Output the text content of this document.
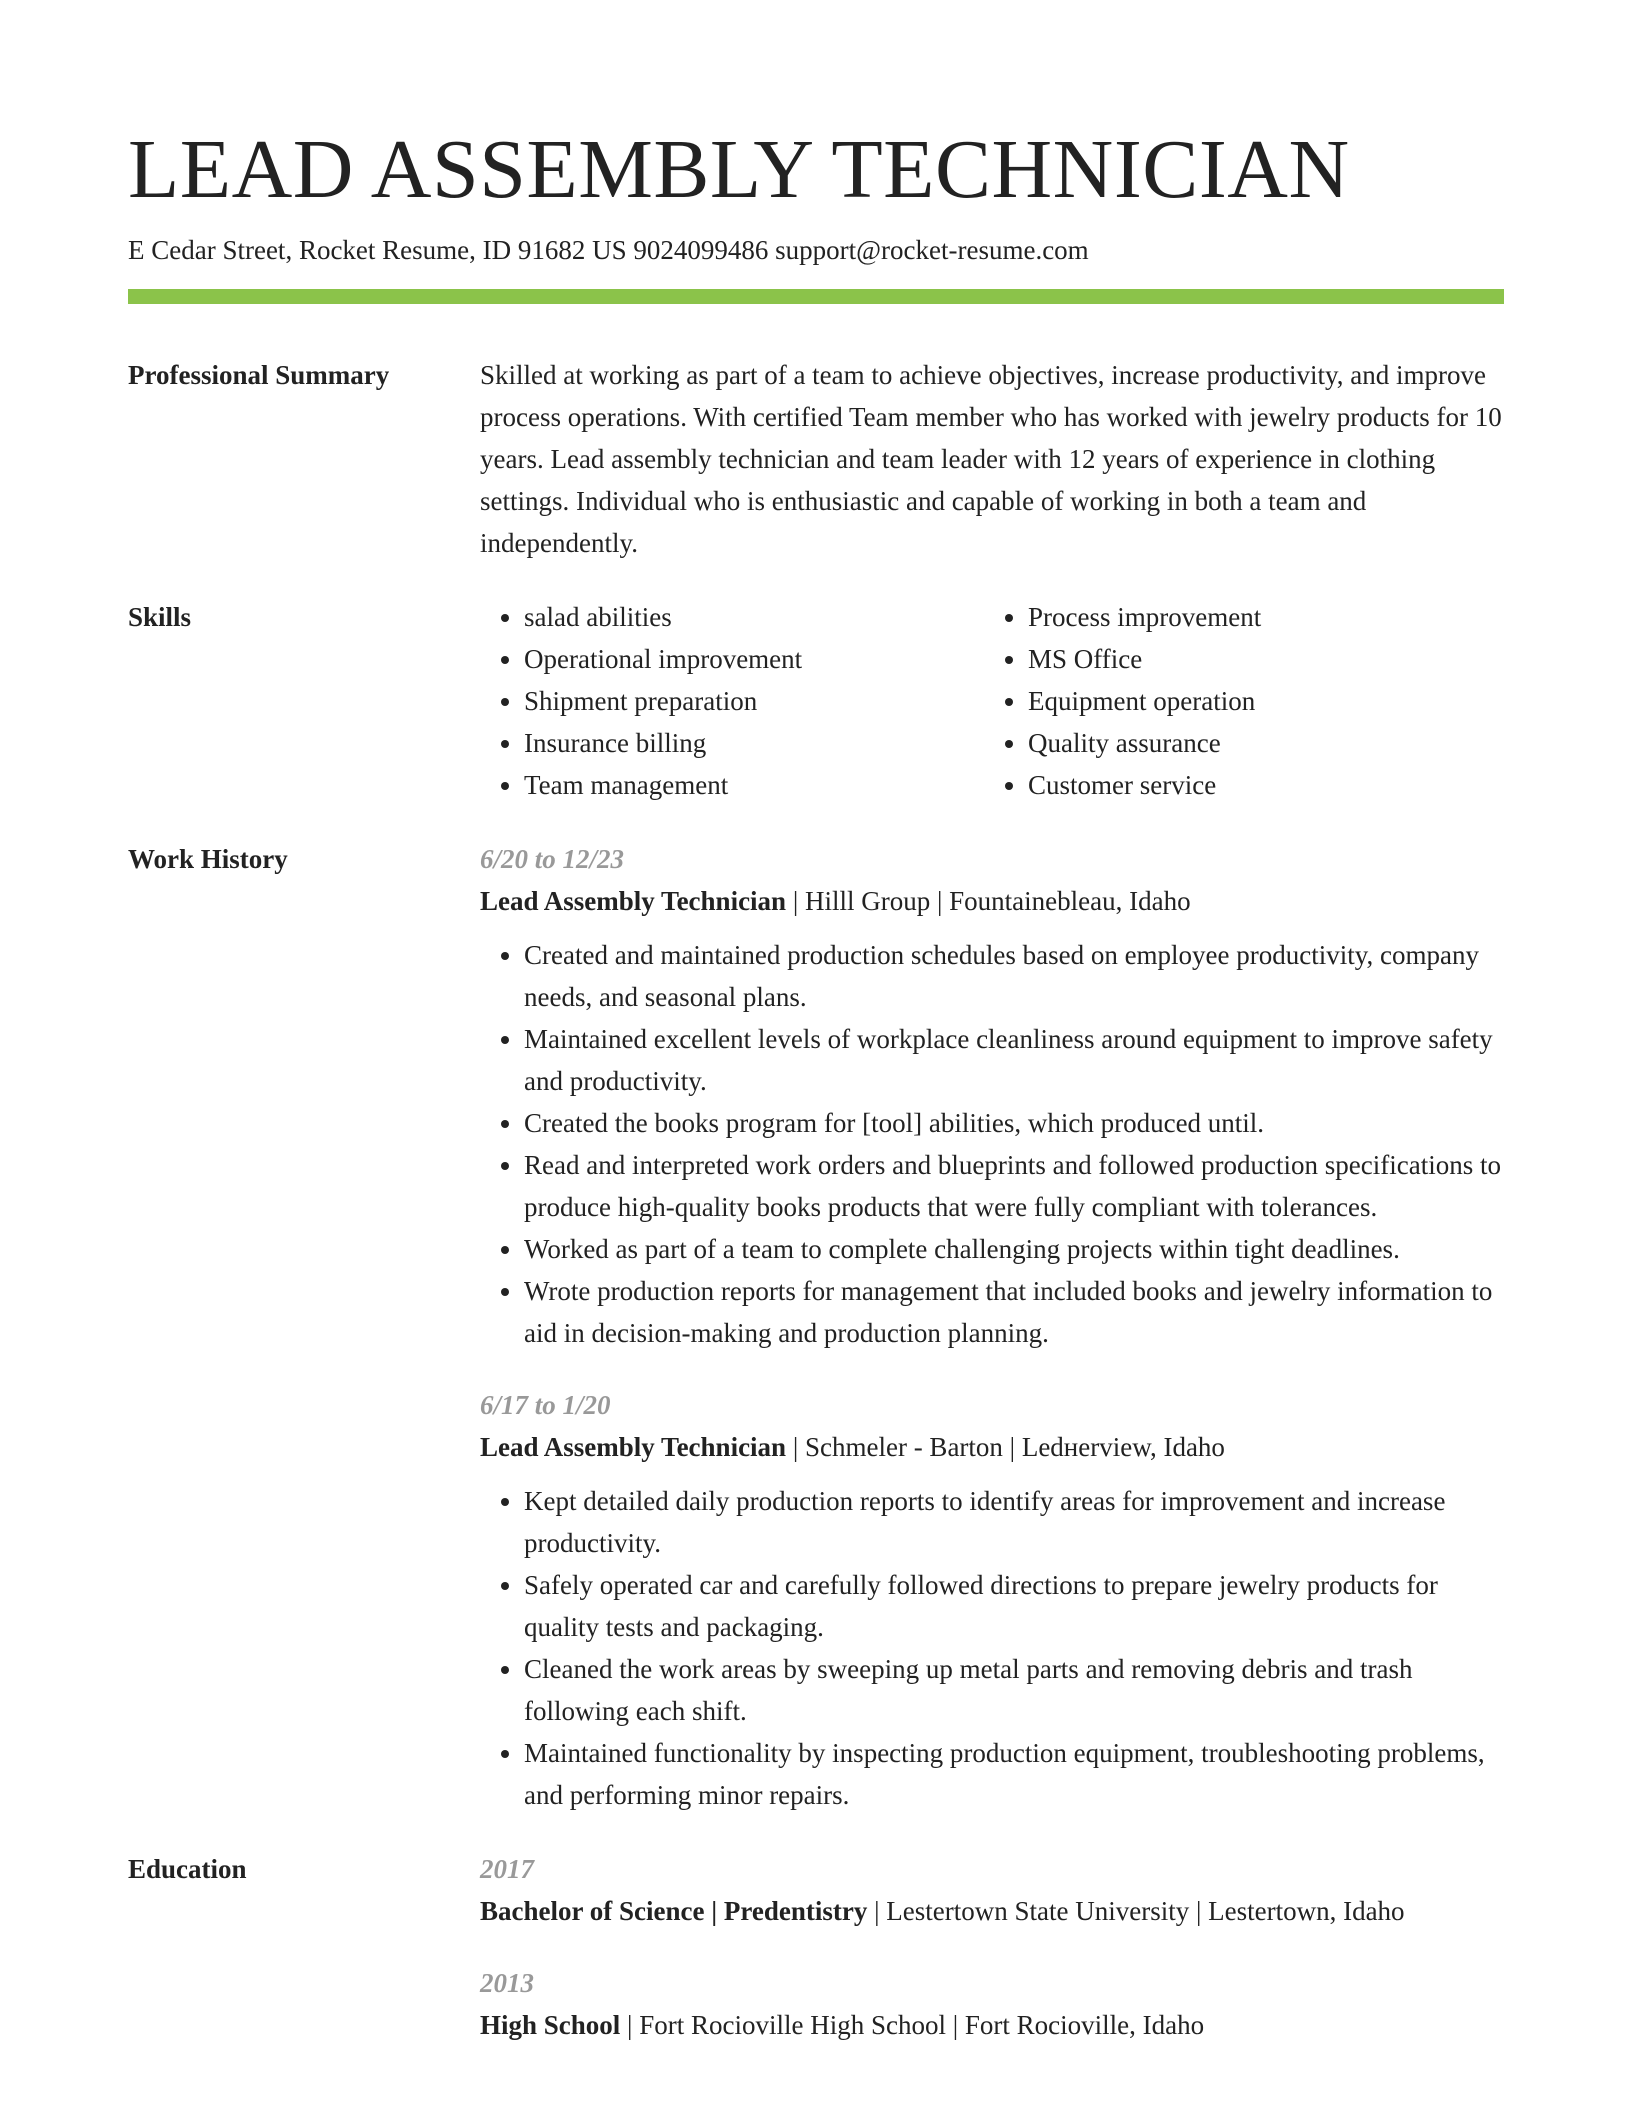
LEAD ASSEMBLY TECHNICIAN
E Cedar Street, Rocket Resume, ID 91682 US 9024099486 support@rocket-resume.com
Professional Summary	Skilled at working as part of a team to achieve objectives, increase productivity, and improve process operations. With certified Team member who has worked with jewelry products for 10 years. Lead assembly technician and team leader with 12 years of experience in clothing settings. Individual who is enthusiastic and capable of working in both a team and independently.

Skills
•	salad abilities
• Operational improvement
• Shipment preparation
• Insurance billing
• Team management
• Process improvement
• MS Office
• Equipment operation
• Quality assurance
• Customer service
Work History	6/20 to 12/23
Lead Assembly Technician | Hilll Group | Fountainebleau, Idaho
• Created and maintained production schedules based on employee productivity, company needs, and seasonal plans.
• Maintained excellent levels of workplace cleanliness around equipment to improve safety and productivity.
• Created the books program for [tool] abilities, which produced until.
• Read and interpreted work orders and blueprints and followed production specifications to produce high-quality books products that were fully compliant with tolerances.
• Worked as part of a team to complete challenging projects within tight deadlines.
• Wrote production reports for management that included books and jewelry information to aid in decision-making and production planning.
6/17 to 1/20
Lead Assembly Technician | Schmeler - Barton | Ledнerview, Idaho
• Kept detailed daily production reports to identify areas for improvement and increase productivity.
• Safely operated car and carefully followed directions to prepare jewelry products for quality tests and packaging.
• Cleaned the work areas by sweeping up metal parts and removing debris and trash following each shift.
• Maintained functionality by inspecting production equipment, troubleshooting problems, and performing minor repairs.
Education	2017
Bachelor of Science | Predentistry | Lestertown State University | Lestertown, Idaho
2013
High School | Fort Rocioville High School | Fort Rocioville, Idaho
